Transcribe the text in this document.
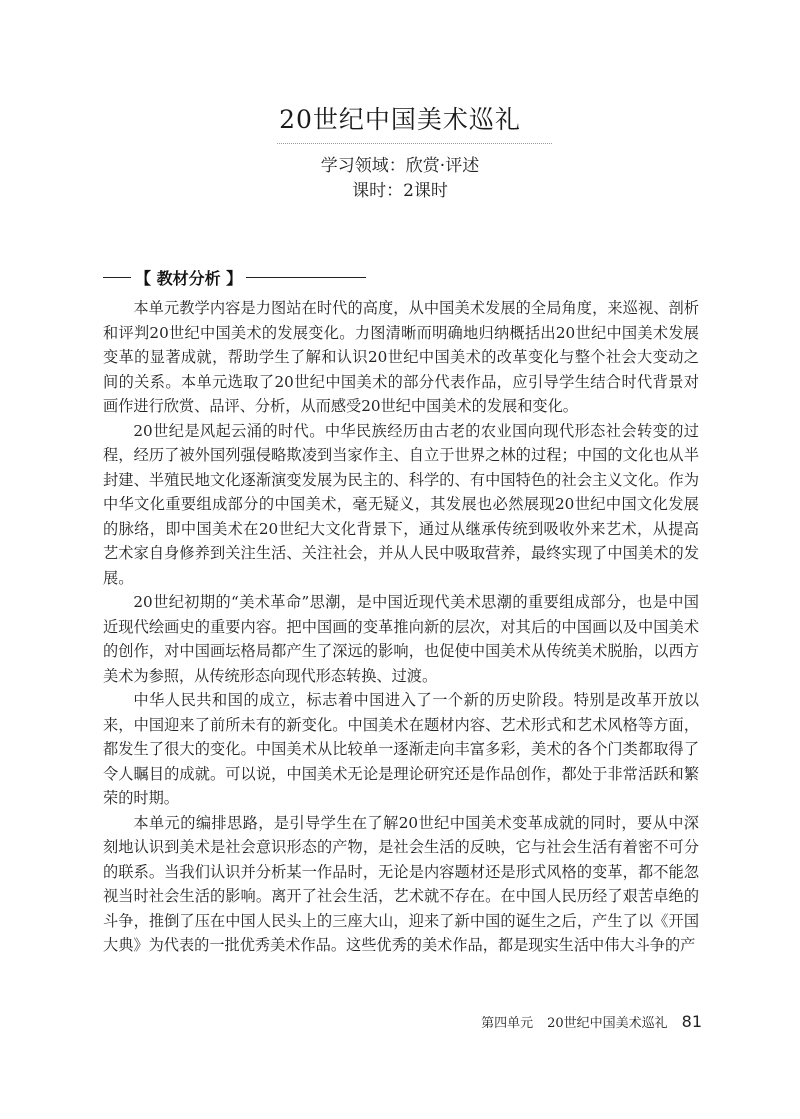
20世纪中国美术巡礼
学习领域：欣赏·评述
课时：2课时
【 教材分析 】

本单元教学内容是力图站在时代的高度，从中国美术发展的全局角度，来巡视、剖析和评判20世纪中国美术的发展变化。力图清晰而明确地归纳概括出20世纪中国美术发展变革的显著成就，帮助学生了解和认识20世纪中国美术的改革变化与整个社会大变动之间的关系。本单元选取了20世纪中国美术的部分代表作品，应引导学生结合时代背景对画作进行欣赏、品评、分析，从而感受20世纪中国美术的发展和变化。

20世纪是风起云涌的时代。中华民族经历由古老的农业国向现代形态社会转变的过程，经历了被外国列强侵略欺凌到当家作主、自立于世界之林的过程；中国的文化也从半封建、半殖民地文化逐渐演变发展为民主的、科学的、有中国特色的社会主义文化。作为中华文化重要组成部分的中国美术，毫无疑义，其发展也必然展现20世纪中国文化发展的脉络，即中国美术在20世纪大文化背景下，通过从继承传统到吸收外来艺术，从提高艺术家自身修养到关注生活、关注社会，并从人民中吸取营养，最终实现了中国美术的发展。

20世纪初期的“美术革命”思潮，是中国近现代美术思潮的重要组成部分，也是中国近现代绘画史的重要内容。把中国画的变革推向新的层次，对其后的中国画以及中国美术的创作，对中国画坛格局都产生了深远的影响，也促使中国美术从传统美术脱胎，以西方美术为参照，从传统形态向现代形态转换、过渡。

中华人民共和国的成立，标志着中国进入了一个新的历史阶段。特别是改革开放以来，中国迎来了前所未有的新变化。中国美术在题材内容、艺术形式和艺术风格等方面，都发生了很大的变化。中国美术从比较单一逐渐走向丰富多彩，美术的各个门类都取得了令人瞩目的成就。可以说，中国美术无论是理论研究还是作品创作，都处于非常活跃和繁荣的时期。

本单元的编排思路，是引导学生在了解20世纪中国美术变革成就的同时，要从中深刻地认识到美术是社会意识形态的产物，是社会生活的反映，它与社会生活有着密不可分的联系。当我们认识并分析某一作品时，无论是内容题材还是形式风格的变革，都不能忽视当时社会生活的影响。离开了社会生活，艺术就不存在。在中国人民历经了艰苦卓绝的斗争，推倒了压在中国人民头上的三座大山，迎来了新中国的诞生之后，产生了以《开国大典》为代表的一批优秀美术作品。这些优秀的美术作品，都是现实生活中伟大斗争的产

第四单元 20世纪中国美术巡礼 81
